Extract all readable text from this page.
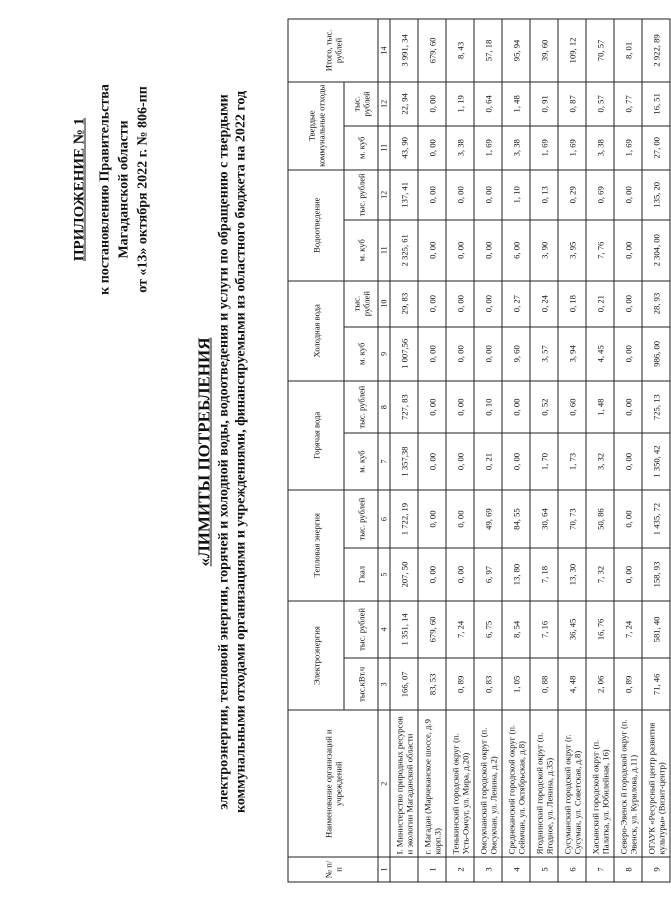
ПРИЛОЖЕНИЕ № 1 к постановлению Правительства Магаданской области от «13» октября 2022 г. № 806-пп
«ЛИМИТЫ ПОТРЕБЛЕНИЯ электроэнергии, тепловой энергии, горячей и холодной воды, водоотведения и услуги по обращению с твердыми коммунальными отходами организациями и учреждениями, финансируемыми из областного бюджета на 2022 год
№ п/п	Наименование организаций и учреждений	Электроэнергия		Тепловая энергия		Горячая вода		Холодная вода		Водоотведение		Твердые коммунальные отходы		Итого, тыс. рублей
		тыс.кВт.ч	тыс. рублей	Гкал	тыс. рублей	м. куб	тыс. рублей	м. куб	тыс. рублей	м. куб	тыс. рублей	м. куб	тыс. рублей	
1	2	3	4	5	6	7	8	9	10	11	12	11	12	14
	I. Министерство природных ресурсов и экологии Магаданской области	166, 07	1 351, 14	207, 50	1 722, 19	1 357,38	727, 83	1 007,56	29, 83	2 325, 61	137, 41	43, 90	22, 94	3 991, 34
1	г. Магадан (Марчеканское шоссе, д.9 корп.3)	83, 53	679, 60	0, 00	0, 00	0, 00	0, 00	0, 00	0, 00	0, 00	0, 00	0, 00	0, 00	679, 60
2	Тенькинский городской округ (п. Усть-Омчуг, ул. Мира, д.20)	0, 89	7, 24	0, 00	0, 00	0, 00	0, 00	0, 00	0, 00	0, 00	0, 00	3, 38	1, 19	8, 43
3	Омсукчанский городской округ (п. Омсукчан, ул. Ленина, д.2)	0, 83	6, 75	6, 97	49, 69	0, 21	0, 10	0, 00	0, 00	0, 00	0, 00	1, 69	0, 64	57, 18
4	Среднеканский городской округ (п. Сеймчан, ул. Октябрьская, д.8)	1, 05	8, 54	13, 80	84, 55	0, 00	0, 00	9, 60	0, 27	6, 00	1, 10	3, 38	1, 48	95, 94
5	Ягоднинский городской округ (п. Ягодное, ул. Ленина, д.35)	0, 88	7, 16	7, 18	30, 64	1, 70	0, 52	3, 57	0, 24	3, 90	0, 13	1, 69	0, 91	39, 60
6	Сусуманский городской округ (г. Сусуман, ул. Советская, д.8)	4, 48	36, 45	13, 30	70, 73	1, 73	0, 60	3, 94	0, 18	3, 95	0, 29	1, 69	0, 87	109, 12
7	Хасынский городской округ (п. Палатка, ул. Юбилейная, 16)	2, 06	16, 76	7, 32	50, 86	3, 32	1, 48	4, 45	0, 21	7, 76	0, 69	3, 38	0, 57	70, 57
8	Северо-Эвенск й городской округ (п. Эвенск, ул. Курилова, д.11)	0, 89	7, 24	0, 00	0, 00	0, 00	0, 00	0, 00	0, 00	0, 00	0, 00	1, 69	0, 77	8, 01
9	ОГАУК «Ресурсный центр развития культуры» (Визит-центр)	71, 46	581, 40	158, 93	1 435, 72	1 350, 42	725, 13	986, 00	28, 93	2 304, 00	135, 20	27, 00	16, 51	2 922, 89
